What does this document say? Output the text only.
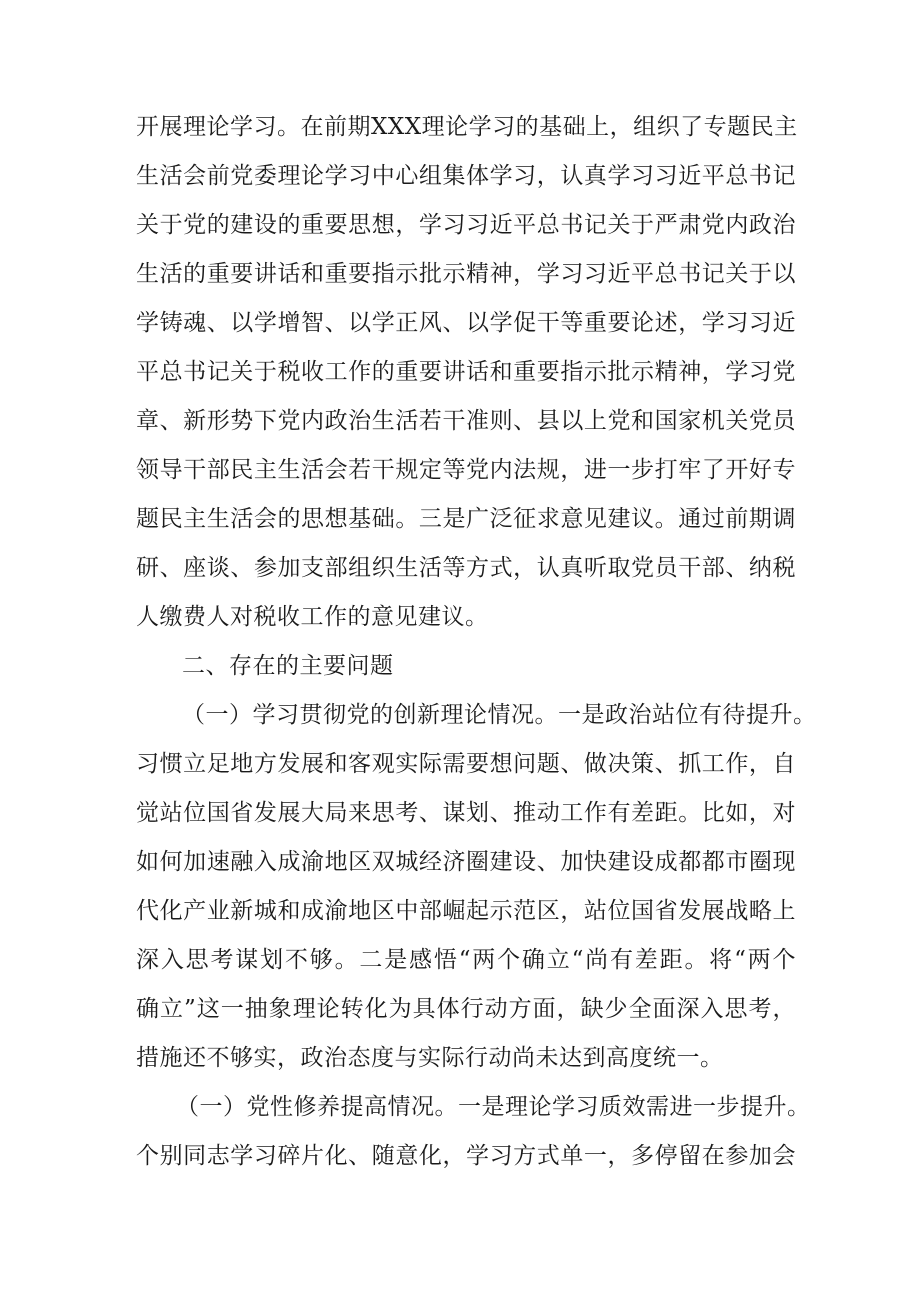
开展理论学习。在前期XXX理论学习的基础上，组织了专题民主
生活会前党委理论学习中心组集体学习，认真学习习近平总书记
关于党的建设的重要思想，学习习近平总书记关于严肃党内政治
生活的重要讲话和重要指示批示精神，学习习近平总书记关于以
学铸魂、以学增智、以学正风、以学促干等重要论述，学习习近
平总书记关于税收工作的重要讲话和重要指示批示精神，学习党
章、新形势下党内政治生活若干准则、县以上党和国家机关党员
领导干部民主生活会若干规定等党内法规，进一步打牢了开好专
题民主生活会的思想基础。三是广泛征求意见建议。通过前期调
研、座谈、参加支部组织生活等方式，认真听取党员干部、纳税
人缴费人对税收工作的意见建议。
二、存在的主要问题
（一）学习贯彻党的创新理论情况。一是政治站位有待提升。
习惯立足地方发展和客观实际需要想问题、做决策、抓工作，自
觉站位国省发展大局来思考、谋划、推动工作有差距。比如，对
如何加速融入成渝地区双城经济圈建设、加快建设成都都市圈现
代化产业新城和成渝地区中部崛起示范区，站位国省发展战略上
深入思考谋划不够。二是感悟“两个确立“尚有差距。将“两个
确立”这一抽象理论转化为具体行动方面，缺少全面深入思考，
措施还不够实，政治态度与实际行动尚未达到高度统一。
（一）党性修养提高情况。一是理论学习质效需进一步提升。
个别同志学习碎片化、随意化，学习方式单一，多停留在参加会
